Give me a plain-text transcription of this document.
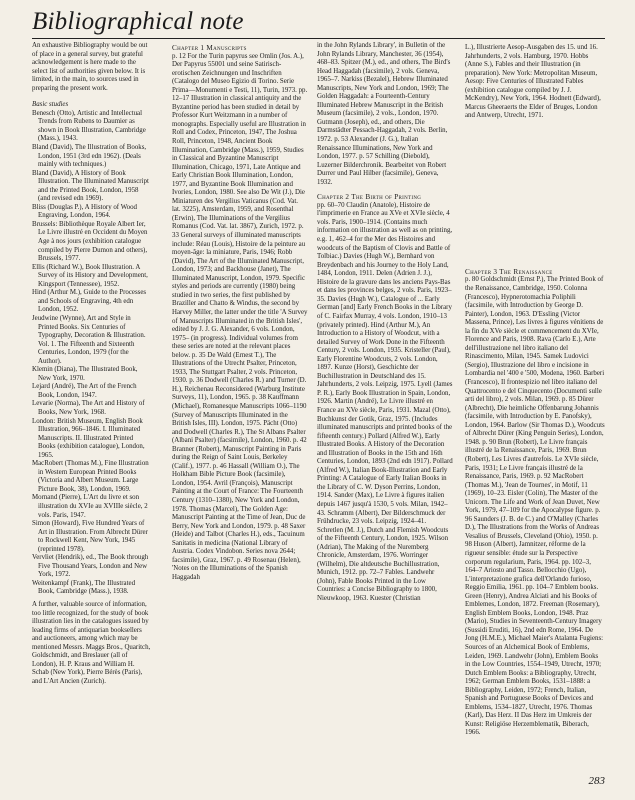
Bibliographical note

An exhaustive Bibliography would be out of place in a general survey, but grateful acknowledgement is here made to the select list of authorities given below. It is limited, in the main, to sources used in preparing the present work.

Basic studies

Benesch (Otto), Artistic and Intellectual Trends from Rubens to Daumier as shown in Book Illustration, Cambridge (Mass.), 1943.

Bland (David), The Illustration of Books, London, 1951 (3rd edn 1962). (Deals mainly with techniques.)

Bland (David), A History of Book Illustration. The Illuminated Manuscript and the Printed Book, London, 1958 (and revised edn 1969).

Bliss (Douglas P.), A History of Wood Engraving, London, 1964.

Brussels: Bibliothèque Royale Albert Ier, Le Livre illustré en Occident du Moyen Age à nos jours (exhibition catalogue compiled by Pierre Dumon and others), Brussels, 1977.

Ellis (Richard W.), Book Illustration. A Survey of its History and Development, Kingsport (Tennessee), 1952.

Hind (Arthur M.), Guide to the Processes and Schools of Engraving, 4th edn London, 1952.

Jeudwine (Wynne), Art and Style in Printed Books. Six Centuries of Typography, Decoration & Illustration. Vol. 1. The Fifteenth and Sixteenth Centuries, London, 1979 (for the Author).

Klemin (Diana), The Illustrated Book, New York, 1970.

Lejard (André), The Art of the French Book, London, 1947.

Levarie (Norma), The Art and History of Books, New York, 1968.

London: British Museum, English Book Illustration, 966–1846. I. Illuminated Manuscripts. II. Illustrated Printed Books (exhibition catalogue), London, 1965.

MacRobert (Thomas M.), Fine Illustration in Western European Printed Books (Victoria and Albert Museum. Large Picture Book, 38), London, 1969.

Mornand (Pierre), L'Art du livre et son illustration du XVIe au XVIIIe siècle, 2 vols. Paris, 1947.

Simon (Howard), Five Hundred Years of Art in Illustration. From Albrecht Dürer to Rockwell Kent, New York, 1945 (reprinted 1978).

Vervliet (Hendrik), ed., The Book through Five Thousand Years, London and New York, 1972.

Weitenkampf (Frank), The Illustrated Book, Cambridge (Mass.), 1938.

A further, valuable source of information, too little recognized, for the study of book illustration lies in the catalogues issued by leading firms of antiquarian booksellers and auctioneers, among which may be mentioned Messrs. Maggs Bros., Quaritch, Goldschmidt, and Breslauer (all of London), H. P. Kraus and William H. Schab (New York), Pierre Bérès (Paris), and L'Art Ancien (Zurich).

Chapter 1 Manuscripts

p. 12 For the Turin papyrus see Omlin (Jos. A.), Der Papyrus 55001 und seine Satirisch-erotischen Zeichnungen und Inschriften (Catalogo del Museo Egizio di Torino. Serie Prima—Monumenti e Testi, 11), Turin, 1973. pp. 12–17 Illustration in classical antiquity and the Byzantine period has been studied in detail by Professor Kurt Weitzmann in a number of monographs. Especially useful are Illustration in Roll and Codex, Princeton, 1947, The Joshua Roll, Princeton, 1948, Ancient Book Illumination, Cambridge (Mass.), 1959, Studies in Classical and Byzantine Manuscript Illumination, Chicago, 1971, Late Antique and Early Christian Book Illumination, London, 1977, and Byzantine Book Illumination and Ivories, London, 1980. See also De Wit (J.), Die Miniaturen des Vergilius Vaticanus (Cod. Vat. lat. 3225), Amsterdam, 1959, and Rosenthal (Erwin), The Illuminations of the Vergilius Romanus (Cod. Vat. lat. 3867), Zurich, 1972. p. 33 General surveys of illuminated manuscripts include: Réau (Louis), Histoire de la peinture au moyen-âge: la miniature, Paris, 1946; Robb (David), The Art of the Illuminated Manuscript, London, 1973; and Backhouse (Janet), The Illuminated Manuscript, London, 1979. Specific styles and periods are currently (1980) being studied in two series, the first published by Braziller and Chatto & Windus, the second by Harvey Miller, the latter under the title 'A Survey of Manuscripts Illuminated in the British Isles', edited by J. J. G. Alexander, 6 vols. London, 1975– (in progress). Individual volumes from these series are noted at the relevant places below. p. 35 De Wald (Ernest T.), The Illustrations of the Utrecht Psalter, Princeton, 1933, The Stuttgart Psalter, 2 vols. Princeton, 1930. p. 36 Dodwell (Charles R.) and Turner (D. H.), Reichenau Reconsidered (Warburg Institute Surveys, 11), London, 1965. p. 38 Kauffmann (Michael), Romanesque Manuscripts 1066–1190 (Survey of Manuscripts Illuminated in the British Isles, III). London, 1975. Pächt (Otto) and Dodwell (Charles R.), The St Albans Psalter (Albani Psalter) (facsimile), London, 1960. p. 42 Branner (Robert), Manuscript Painting in Paris during the Reign of Saint Louis, Berkeley (Calif.), 1977. p. 46 Hassall (William O.), The Holkham Bible Picture Book (facsimile), London, 1954. Avril (François), Manuscript Painting at the Court of France: The Fourteenth Century (1310–1380), New York and London, 1978. Thomas (Marcel), The Golden Age: Manuscript Painting at the Time of Jean, Duc de Berry, New York and London, 1979. p. 48 Saxer (Heide) and Talbot (Charles H.), eds., Tacuinum Sanitatis in medicina (National Library of Austria. Codex Vindobon. Series nova 2644; facsimile), Graz, 1967. p. 49 Rosenau (Helen), 'Notes on the Illuminations of the Spanish Haggadah

in the John Rylands Library', in Bulletin of the John Rylands Library, Manchester, 36 (1954), 468–83. Spitzer (M.), ed., and others, The Bird's Head Haggadah (facsimile), 2 vols. Geneva, 1965–7. Narkiss (Bezalel), Hebrew Illuminated Manuscripts, New York and London, 1969; The Golden Haggadah: a Fourteenth-Century Illuminated Hebrew Manuscript in the British Museum (facsimile), 2 vols., London, 1970. Gutmann (Joseph), ed., and others, Die Darmstädter Pessach-Haggadah, 2 vols. Berlin, 1972. p. 53 Alexander (J. G.), Italian Renaissance Illuminations, New York and London, 1977. p. 57 Schilling (Diebold), Luzerner Bilderchronik. Bearbeitet von Robert Durrer und Paul Hilber (facsimile), Geneva, 1932.

Chapter 2 The Birth of Printing

pp. 60–70 Claudin (Anatole), Histoire de l'imprimerie en France au XVe et XVIe siècle, 4 vols. Paris, 1900–1914. (Contains much information on illustration as well as on printing, e.g. 1, 462–4 for the Mer des Histoires and woodcuts of the Baptism of Clovis and Battle of Tolbiac.) Davies (Hugh W.), Bernhard von Breydenbach and his Journey to the Holy Land, 1484, London, 1911. Delen (Adrien J. J.), Histoire de la gravure dans les anciens Pays-Bas et dans les provinces belges, 2 vols. Paris, 1923–35. Davies (Hugh W.), Catalogue of ... Early German [and] Early French Books in the Library of C. Fairfax Murray, 4 vols. London, 1910–13 (privately printed). Hind (Arthur M.), An Introduction to a History of Woodcut, with a detailed Survey of Work Done in the Fifteenth Century, 2 vols. London, 1935. Kristeller (Paul), Early Florentine Woodcuts, 2 vols. London, 1897. Kunze (Horst), Geschichte der Buchillustration in Deutschland des 15. Jahrhunderts, 2 vols. Leipzig, 1975. Lyell (James P. R.), Early Book Illustration in Spain, London, 1926. Martin (André), Le Livre illustré en France au XVe siècle, Paris, 1931. Mazal (Otto), Buchkunst der Gotik, Graz, 1975. (Includes illuminated manuscripts and printed books of the fifteenth century.) Pollard (Alfred W.), Early Illustrated Books. A History of the Decoration and Illustration of Books in the 15th and 16th Centuries, London, 1893 (2nd edn 1917). Pollard (Alfred W.), Italian Book-Illustration and Early Printing: A Catalogue of Early Italian Books in the Library of C. W. Dyson Perrins, London, 1914. Sander (Max), Le Livre à figures italien depuis 1467 jusqu'à 1530, 5 vols. Milan, 1942–43. Schramm (Albert), Der Bilderschmuck der Frühdrucke, 23 vols. Leipzig, 1924–41. Schretlen (M. J.), Dutch and Flemish Woodcuts of the Fifteenth Century, London, 1925. Wilson (Adrian), The Making of the Nuremberg Chronicle, Amsterdam, 1976. Worringer (Wilhelm), Die altdeutsche Buchillustration, Munich, 1912. pp. 72–7 Fables. Landwehr (John), Fable Books Printed in the Low Countries: a Concise Bibliography to 1800, Nieuwkoop, 1963. Kuester (Christian

L.), Illustrierte Aesop-Ausgaben des 15. und 16. Jahrhunderts, 2 vols. Hamburg, 1970. Hobbs (Anne S.), Fables and their Illustration (in preparation). New York: Metropolitan Museum, Aesop: Five Centuries of Illustrated Fables (exhibition catalogue compiled by J. J. McKendry), New York, 1964. Hodnett (Edward), Marcus Gheeraerts the Elder of Bruges, London and Antwerp, Utrecht, 1971.

Chapter 3 The Renaissance

p. 80 Goldschmidt (Ernst P.), The Printed Book of the Renaissance, Cambridge, 1950. Colonna (Francesco), Hypnerotomachia Poliphili (facsimile, with Introduction by George D. Painter), London, 1963. D'Essling (Victor Massena, Prince), Les livres à figures vénitiens de la fin du XVe siècle et commencement du XVIe, Florence and Paris, 1908. Rava (Carlo E.), Arte dell'illustrazione nel libro italiano del Rinascimento, Milan, 1945. Samek Ludovici (Sergio), Illustrazione del libro e incisione in Lombardia nel '400 e '500, Modena, 1960. Barberi (Francesco), Il frontespizio nel libro italiano del Quattrocento e del Cinquecento (Documenti sulle arti del libro), 2 vols. Milan, 1969. p. 85 Dürer (Albrecht), Die heimliche Offenbarung Johannis (facsimile, with Introduction by E. Panofsky), London, 1964. Barlow (Sir Thomas D.), Woodcuts of Albrecht Dürer (King Penguin Series), London, 1948. p. 90 Brun (Robert), Le Livre français illustré de la Renaissance, Paris, 1969. Brun (Robert), Les Livres d'autrefois. Le XVIe siècle, Paris, 1931; Le Livre français illustré de la Renaissance, Paris, 1969. p. 92 MacRobert (Thomas M.), 'Jean de Tournes', in Motif, 11 (1969), 10–23. Eisler (Colin), The Master of the Unicorn. The Life and Work of Jean Duvet, New York, 1979, 47–109 for the Apocalypse figure. p. 96 Saunders (J. B. de C.) and O'Malley (Charles D.), The Illustrations from the Works of Andreas Vesalius of Brussels, Cleveland (Ohio), 1950. p. 98 Huson (Albert), Jamnitzer, réforme de la rigueur sensible: étude sur la Perspective corporum regularium, Paris, 1964. pp. 102–3, 164–7 Ariosto and Tasso. Bellocchio (Ugo), L'interpretazione grafica dell'Orlando furioso, Reggio Emilia, 1961. pp. 104–7 Emblem books. Green (Henry), Andrea Alciati and his Books of Emblemes, London, 1872. Freeman (Rosemary), English Emblem Books, London, 1948. Praz (Mario), Studies in Seventeenth-Century Imagery (Sussidi Eruditi, 16), 2nd edn Rome, 1964. De Jong (H.M.E.), Michael Maier's Atalanta Fugiens: Sources of an Alchemical Book of Emblems, Leiden, 1969. Landwehr (John), Emblem Books in the Low Countries, 1554–1949, Utrecht, 1970; Dutch Emblem Books: a Bibliography, Utrecht, 1962; German Emblem Books, 1531–1888: a Bibliography, Leiden, 1972; French, Italian, Spanish and Portuguese Books of Devices and Emblems, 1534–1827, Utrecht, 1976. Thomas (Karl), Das Herz. II Das Herz im Umkreis der Kunst: Religiöse Herzemblematik, Biberach, 1966.

283
